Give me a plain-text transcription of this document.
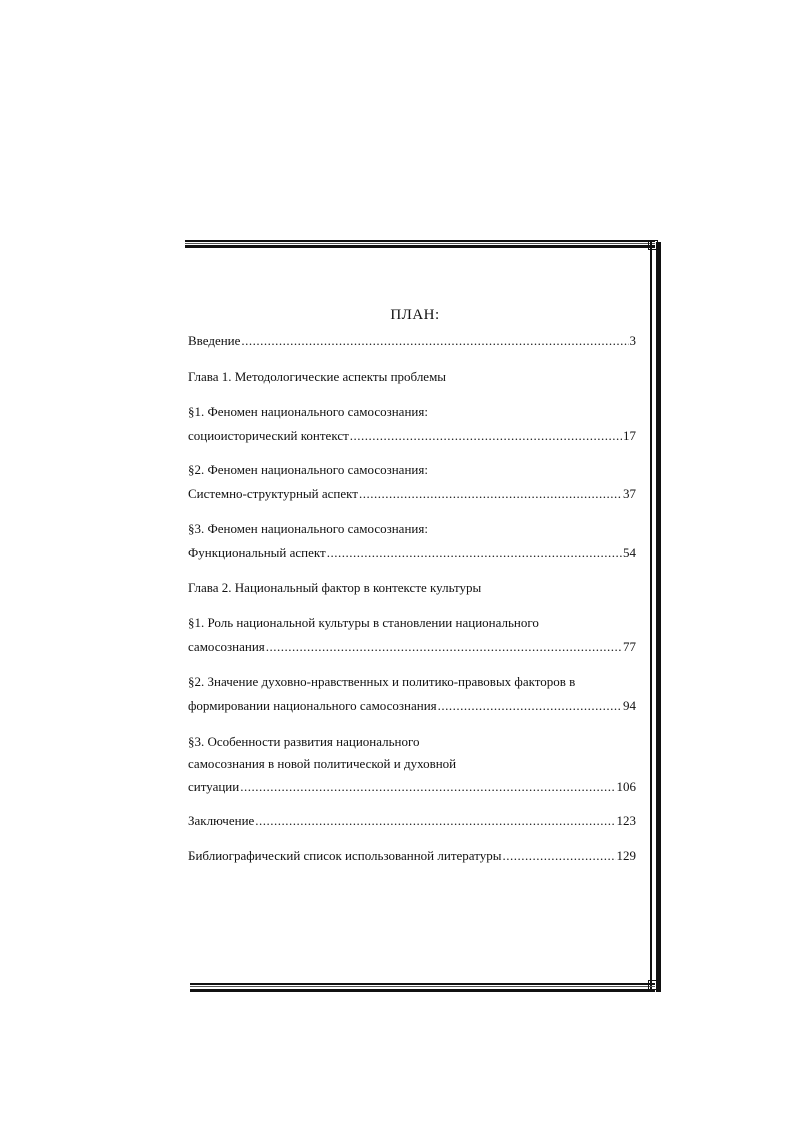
ПЛАН:
Введение .....	3
Глава 1. Методологические аспекты проблемы
§1. Феномен национального самосознания:
социоисторический контекст .....	17
§2. Феномен национального самосознания:
Системно-структурный аспект .....	37
§3. Феномен национального самосознания:
Функциональный аспект .....	54
Глава 2. Национальный фактор в контексте культуры
§1. Роль национальной культуры в становлении национального
самосознания .....	77
§2. Значение духовно-нравственных и политико-правовых факторов в
формировании национального самосознания .....	94
§3. Особенности развития национального
самосознания в новой политической и духовной
ситуации .....	106
Заключение .....	123
Библиографический список использованной литературы .....	129
